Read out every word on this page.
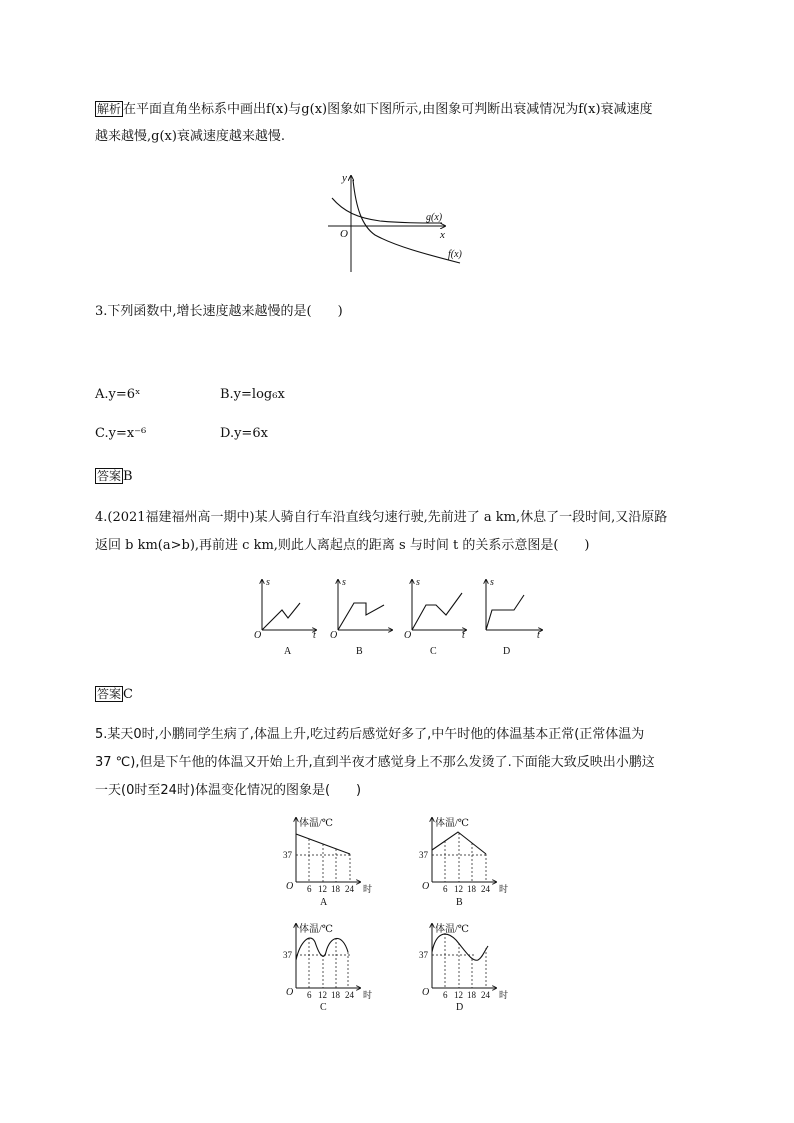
解析 在平面直角坐标系中画出f(x)与g(x)图象如下图所示,由图象可判断出衰减情况为f(x)衰减速度
越来越慢,g(x)衰减速度越来越慢.
y
x
O
g(x)
f(x)
3.下列函数中,增长速度越来越慢的是(　　)
A.y=6ˣ	B.y=log₆x
C.y=x⁻⁶	D.y=6x
答案 B
4.(2021福建福州高一期中)某人骑自行车沿直线匀速行驶,先前进了 a km,休息了一段时间,又沿原路
返回 b km(a>b),再前进 c km,则此人离起点的距离 s 与时间 t 的关系示意图是(　　)
s
t
O
A
s
O
B
s
t
O
C
s
t
D
答案 C
5.某天0时,小鹏同学生病了,体温上升,吃过药后感觉好多了,中午时他的体温基本正常(正常体温为
37 ℃),但是下午他的体温又开始上升,直到半夜才感觉身上不那么发烫了.下面能大致反映出小鹏这
一天(0时至24时)体温变化情况的图象是(　　)
体温/℃
37
O 6 12 18 24 时
A
体温/℃
37
O 6 12 18 24 时
B
体温/℃
37
O 6 12 18 24 时
C
体温/℃
37
O 6 12 18 24 时
D
